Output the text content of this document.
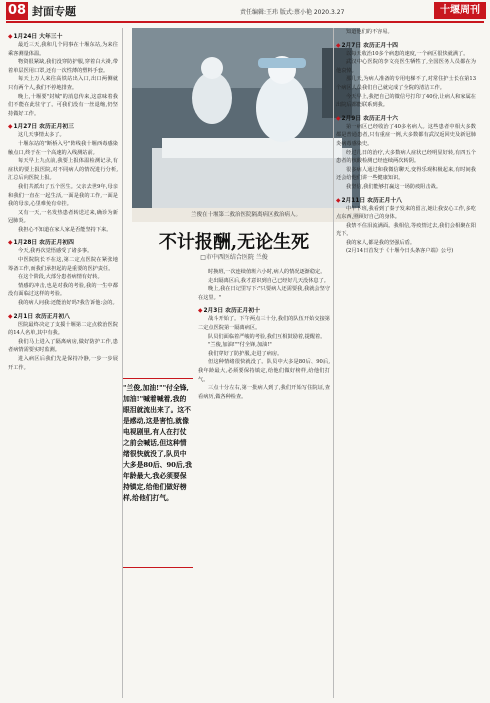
08 封面专题	责任编辑:王玮 版式:蔡小艳 2020.3.27	十堰周刊
◆ 1月24日 大年三十

最近三天,我和几个同事在十堰东站,为来往乘客测量体温。

物资很紧缺,我们没穿防护服,穿着白大褂,带着单层医用口罩,还有一次性薄的塑料手套。

每天上万人来往高铁站出入口,出口两侧就只有两个人,我们不停地排查。

晚上,十堰要"封城"的消息传来,这意味着我们不能在此驻守了。可我们没有一丝退缩,仍坚持做好工作。

◆ 1月27日 农历正月初三

这几天事情太多了。

十堰东站的"断桥入号"阵线我十堰西毒感染触点口,终于在一个高速的入线测站前。

每天早上九点前,我要上报体温检测记录,有症状的要上报医院,对不同病人的情况进行分析,汇总后向医院上报。

我们共派出了五个医生。父亲去世9年,母亲和我们一直在一起生活,一面是我的工作,一面是我的母亲,心里难免有牵挂。

又有一天,一名发热患者转送过来,确诊为新冠肺炎。

我担心不知道在家人家是否能坚持下来。

◆ 1月28日 农历正月初四

今天,我再次觉悟感受了诸多事。

中医院院长不在这,第二定点医院在紧张地筹备工作,而我们承担起的是重要的医护责任。

在这个阶段,大部分患者病情有好转。

情感的冲击,也是对我的考验,我的一生中都没有面临过这样的考验。

我的病人问我:还能治好吗?我告诉他:会的。

◆ 2月1日 农历正月初八

医院最终决定了支援十堰第二定点救治医院的14人名单,其中有我。

我们马上进入了隔离病房,做好防护工作,患者病情需要实时监测。

进入病区后我们先是保持冷静,一步一步展开工作。

兰俊在十堰第二救治医院隔离病区救治病人。
不计报酬,无论生死
□市中西医结合医院 兰俊
"兰俊,加油!""付全锋,加油!"喊着喊着,我的眼泪就流出来了。这不是感动,这是害怕,就像电视剧里,有人在打仗之前会喊话,但这种情绪很快就没了,队员中大多是80后、90后,我年龄最大,我必须要保持镇定,给他们做好榜样,给他们打气。

时换班,一次连续值班六小时,病人的情况逐渐稳定。

走出隔离区后,我才意识到自己已经好几天没休息了。

晚上,我在日记里写下:"只要病人还需要我,我就会坚守在这里。"

◆ 2月3日 农历正月初十

战斗开始了。下午两点三十分,我们的队伍开始交接第二定点医院第一隔离病区。

队员们面临着严峻的考验,我们互相鼓励着,提醒着。

"兰俊,加油!""付全锋,加油!"

我们穿好了防护服,走进了病房。

但这种情绪很快就没了。队员中大多是80后、90后,我年龄最大,必须要保持镇定,给他们做好榜样,给他们打气。

三点十分左右,第一批病人到了,我们开始写住院证,查看病历,做各种检查。

知道他们的不容易。

◆ 2月7日 农历正月十四

以每天收治10多个病患的速度,一个病区很快就满了。

武汉中心医院的李文亮医生牺牲了,全国医务人员都在为他哀悼。

那几天,为病人准备的专用电梯不了,对常住护士长在第13个病区人员我们自己就完成了全院的清洁工作。

今天早上,我把自己的微信号打印了40份,让病人和家属在出院后都能联系到我。

◆ 2月9日 农历正月十六

第一病区已经收治了40多名病人。这些患者中相大多数都是普通患者,只有重症一例,大多数都有武汉返回史及新冠肺炎病毒感染史。

经过几日的治疗,大多数病人症状已经明显好转,有四五个患者的核酸检测已经连续两次转阴。

很多病人通过和我微信聊天,变得乐观积极起来,有时间我还会给他们讲一些健康知识。

我坚信,我们能够打赢这一场防疫阻击战。

◆ 2月11日 农历正月十八

中午下班,我看到了秦子发来的留言,她让我安心工作,多吃点东西,照顾好自己的身体。

我禁不住泪流满面。我相信,等疫情过去,我们会相聚在阳光下。

我的家人,都是我的坚强后盾。

(2月14日首发于《十堰今日头条客户端》公号)
